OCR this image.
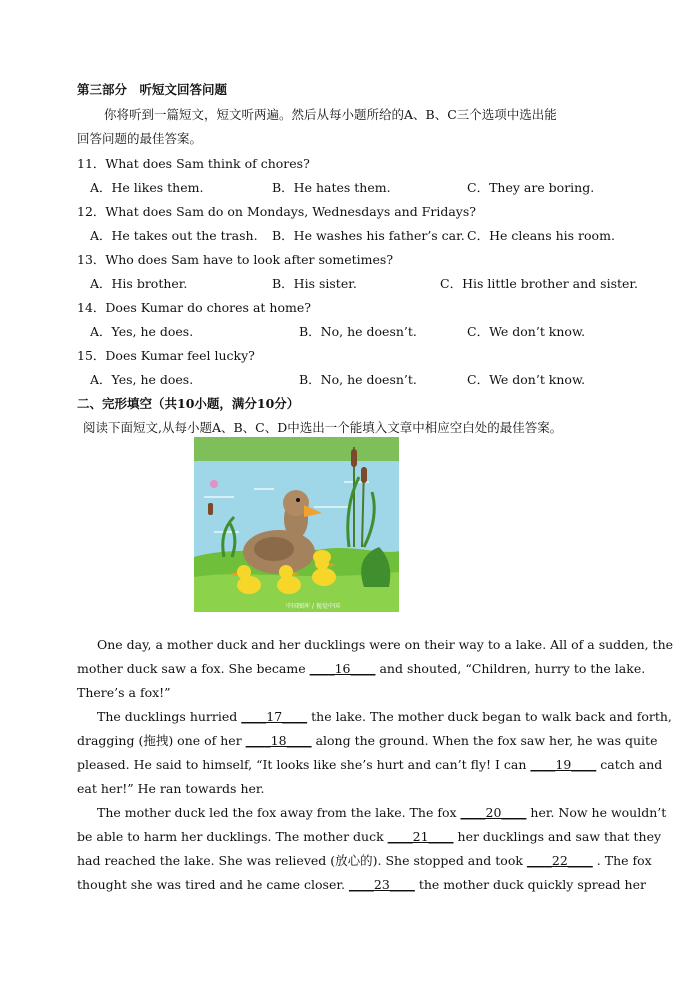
第三部分　听短文回答问题
你将听到一篇短文，短文听两遍。然后从每小题所给的A、B、C三个选项中选出能
回答问题的最佳答案。
11．What does Sam think of chores?
A．He likes them.	B．He hates them.	C．They are boring.
12．What does Sam do on Mondays, Wednesdays and Fridays?
A．He takes out the trash. B．He washes his father’s car. C．He cleans his room.
13．Who does Sam have to look after sometimes?
A．His brother.	B．His sister.	C．His little brother and sister.
14．Does Kumar do chores at home?
A．Yes, he does.	B．No, he doesn’t.	C．We don’t know.
15．Does Kumar feel lucky?
A．Yes, he does.	B．No, he doesn’t.	C．We don’t know.
二、完形填空（共10小题，满分10分）
阅读下面短文,从每小题A、B、C、D中选出一个能填入文章中相应空白处的最佳答案。
中国图库 / 视觉中国
One day, a mother duck and her ducklings were on their way to a lake. All of a sudden, the
mother duck saw a fox. She became ____16____ and shouted, “Children, hurry to the lake.
There’s a fox!”
The ducklings hurried ____17____ the lake. The mother duck began to walk back and forth,
dragging (拖拽) one of her ____18____ along the ground. When the fox saw her, he was quite
pleased. He said to himself, “It looks like she’s hurt and can’t fly! I can ____19____ catch and
eat her!” He ran towards her.
The mother duck led the fox away from the lake. The fox ____20____ her. Now he wouldn’t
be able to harm her ducklings. The mother duck ____21____ her ducklings and saw that they
had reached the lake. She was relieved (放心的). She stopped and took ____22____ . The fox
thought she was tired and he came closer. ____23____ the mother duck quickly spread her
